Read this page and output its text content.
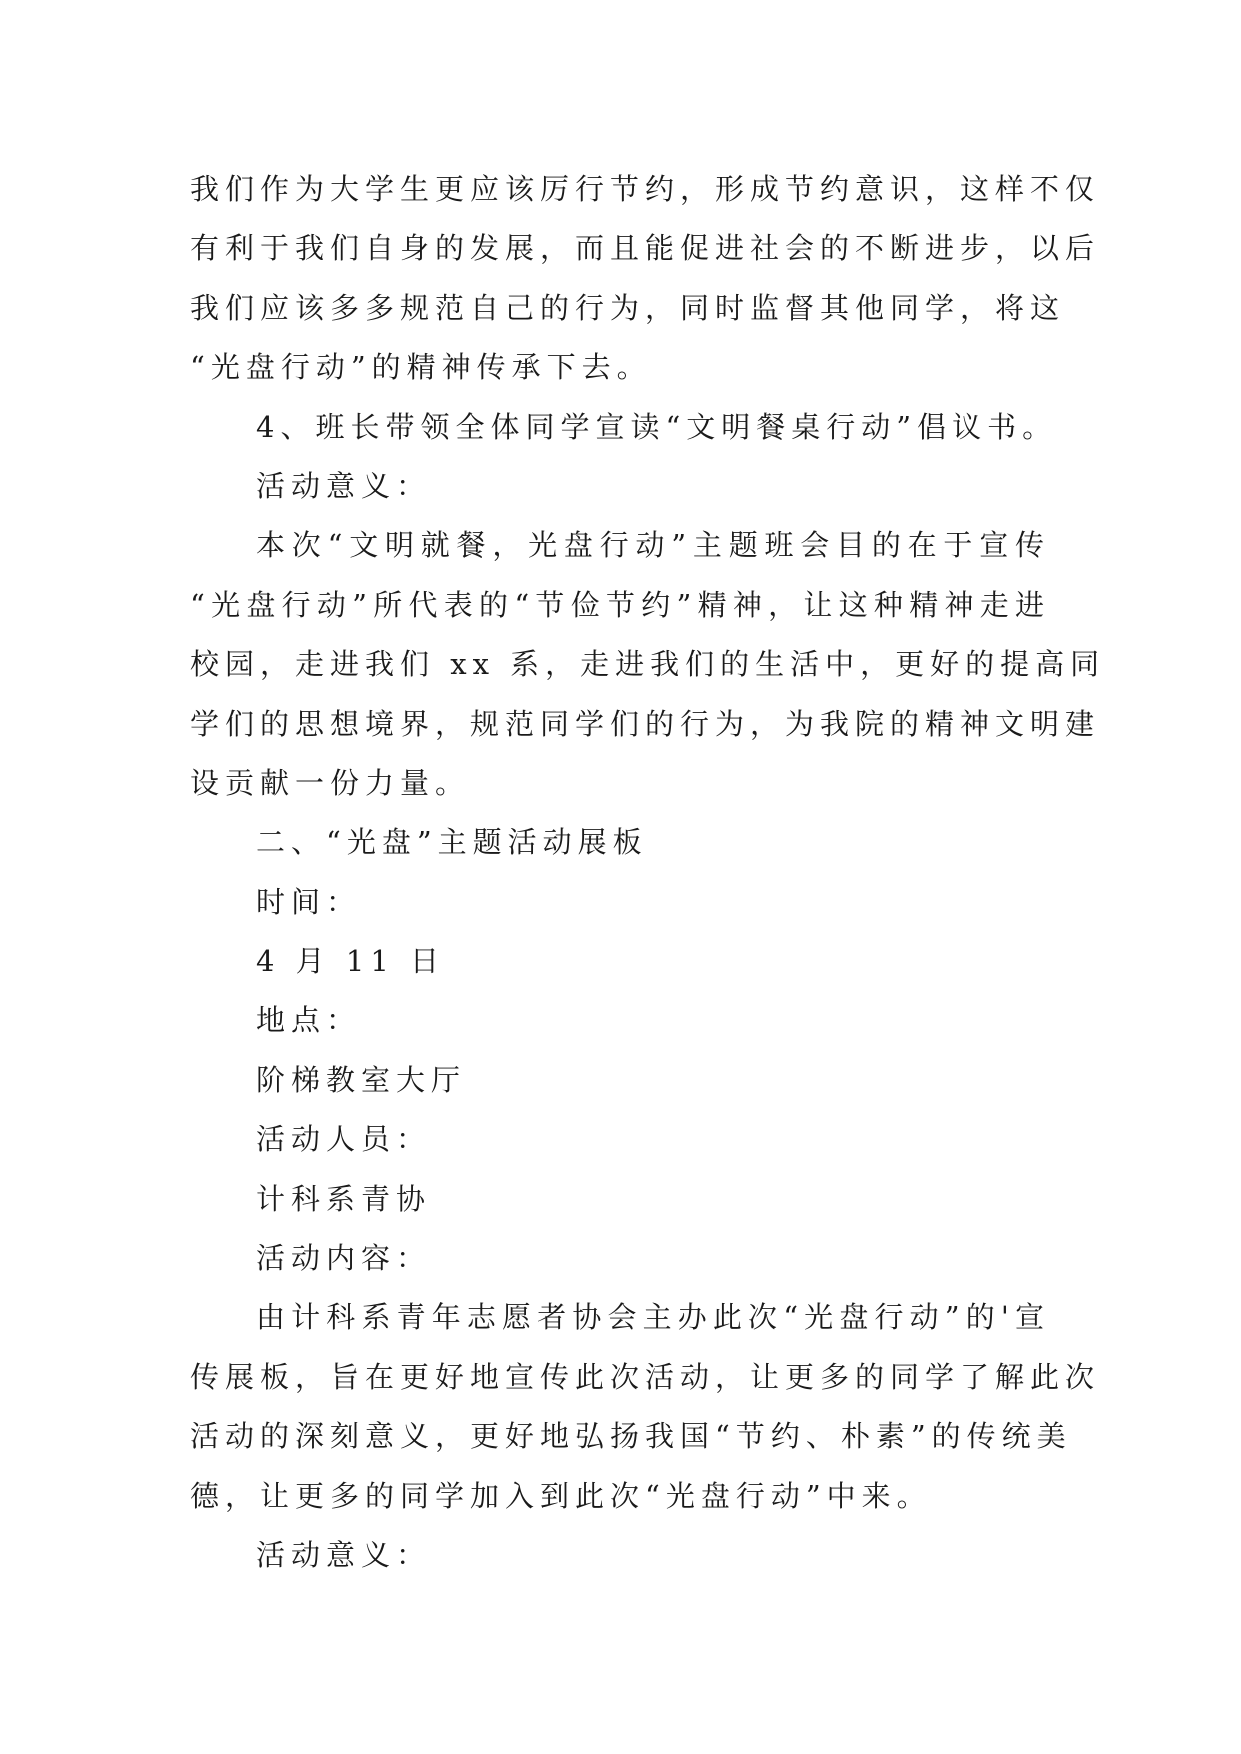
我们作为大学生更应该厉行节约，形成节约意识，这样不仅
有利于我们自身的发展，而且能促进社会的不断进步，以后
我们应该多多规范自己的行为，同时监督其他同学，将这
“光盘行动”的精神传承下去。
4、班长带领全体同学宣读“文明餐桌行动”倡议书。
活动意义：
本次“文明就餐，光盘行动”主题班会目的在于宣传
“光盘行动”所代表的“节俭节约”精神，让这种精神走进
校园，走进我们 xx 系，走进我们的生活中，更好的提高同
学们的思想境界，规范同学们的行为，为我院的精神文明建
设贡献一份力量。
二、“光盘”主题活动展板
时间：
4 月 11 日
地点：
阶梯教室大厅
活动人员：
计科系青协
活动内容：
由计科系青年志愿者协会主办此次“光盘行动”的'宣
传展板，旨在更好地宣传此次活动，让更多的同学了解此次
活动的深刻意义，更好地弘扬我国“节约、朴素”的传统美
德，让更多的同学加入到此次“光盘行动”中来。
活动意义：
